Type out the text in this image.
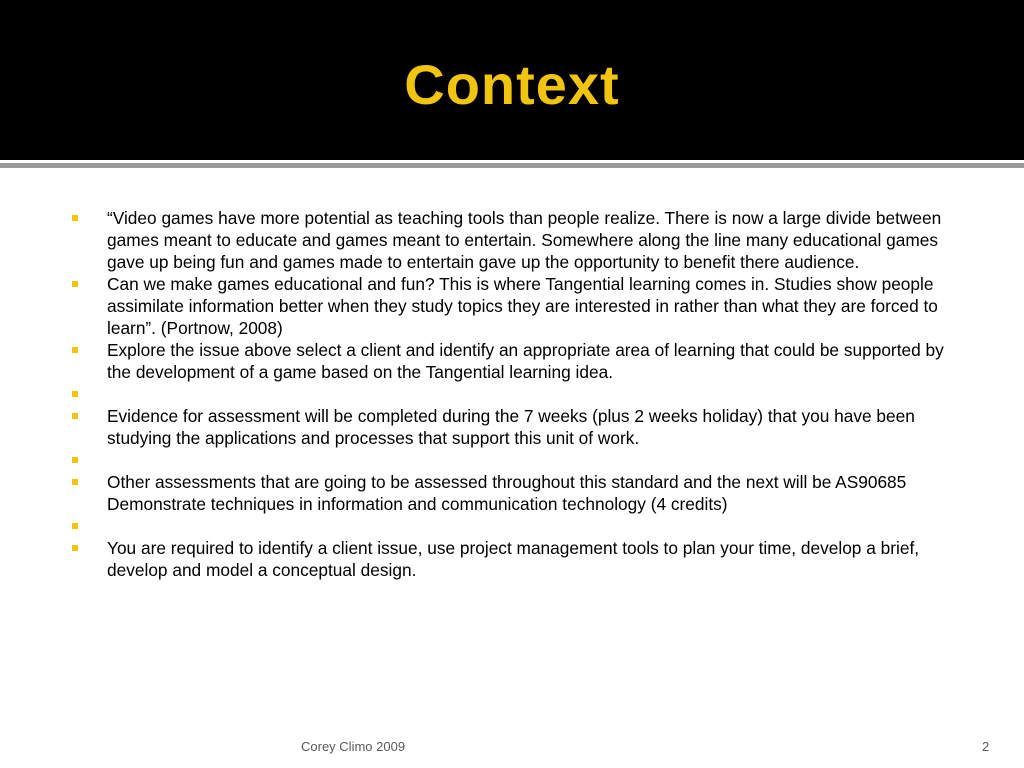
Context
“Video games have more potential as teaching tools than people realize. There is now a large divide between games meant to educate and games meant to entertain. Somewhere along the line many educational games gave up being fun and games made to entertain gave up the opportunity to benefit there audience.
Can we make games educational and fun? This is where Tangential learning comes in. Studies show people assimilate information better when they study topics they are interested in rather than what they are forced to learn”. (Portnow, 2008)
Explore the issue above select a client and identify an appropriate area of learning that could be supported by the development of a game based on the Tangential learning idea.
Evidence for assessment will be completed during the 7 weeks (plus 2 weeks holiday) that you have been studying the applications and processes that support this unit of work.
Other assessments that are going to be assessed throughout this standard and the next will be AS90685 Demonstrate techniques in information and communication technology (4 credits)
You are required to identify a client issue, use project management tools to plan your time, develop a brief, develop and model a conceptual design.
Corey Climo 2009	2
